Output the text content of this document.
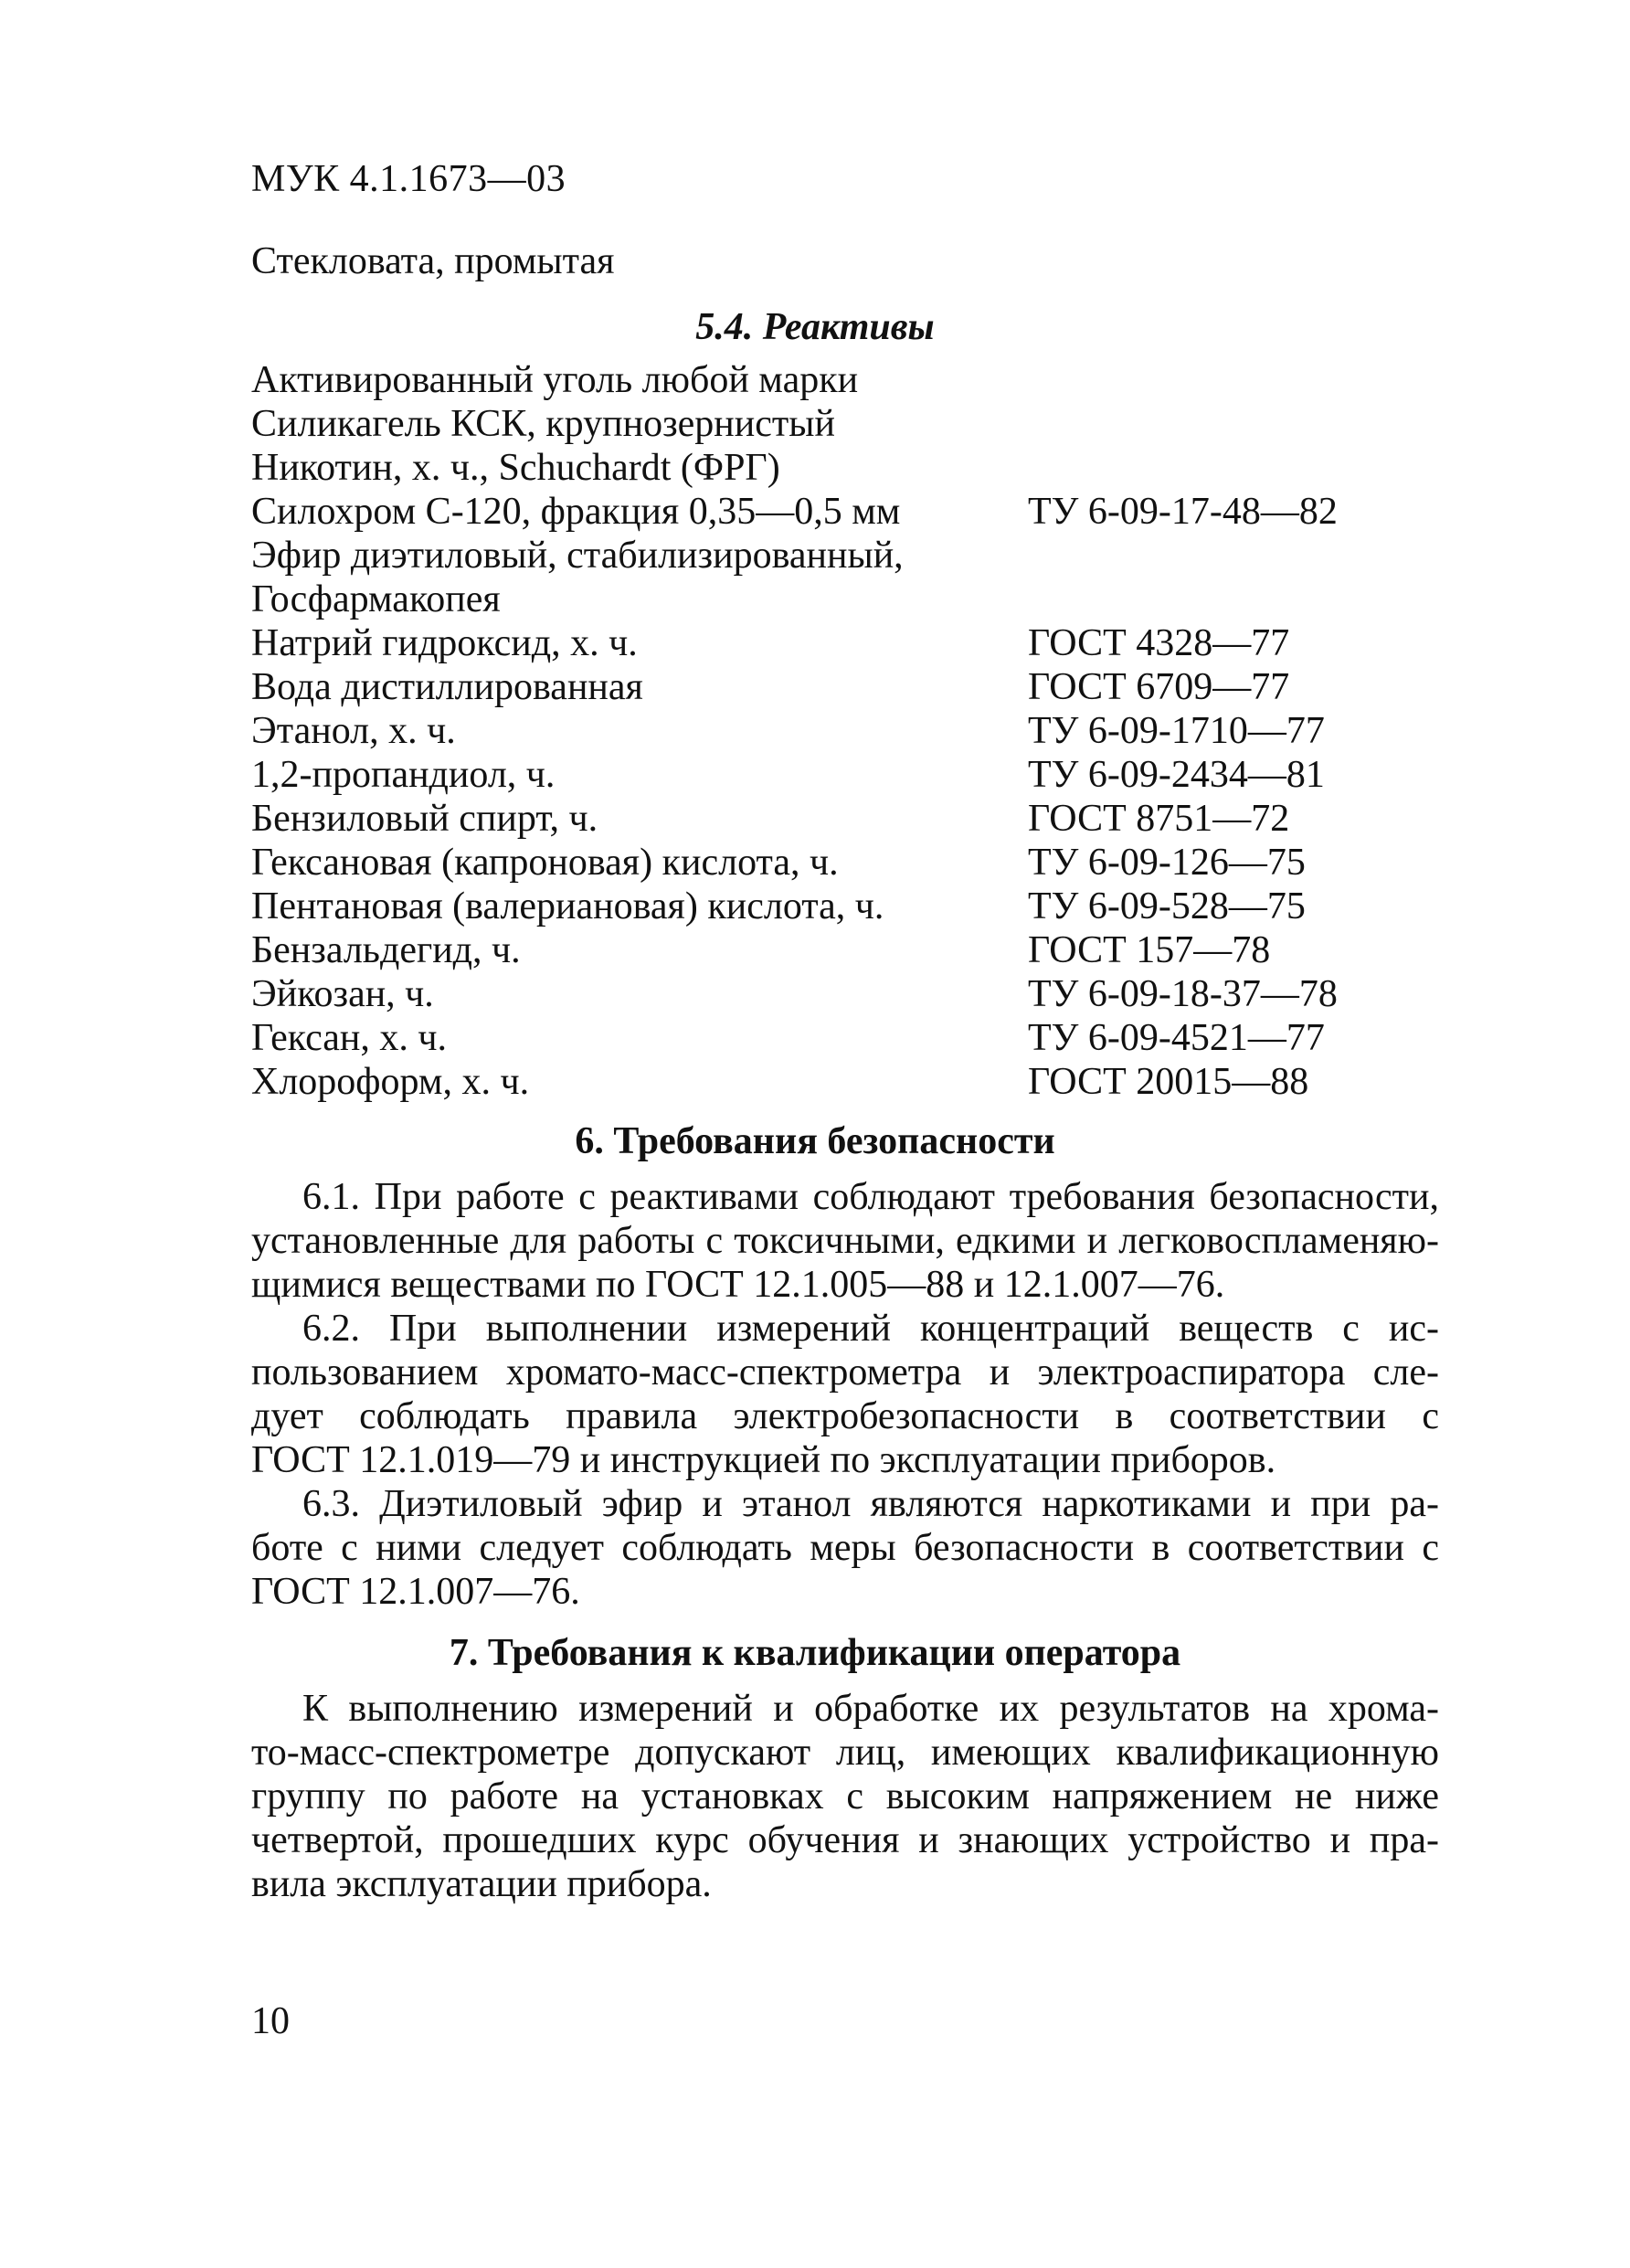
МУК 4.1.1673—03
Стекловата, промытая
5.4. Реактивы
Активированный уголь любой марки
Силикагель КСК, крупнозернистый
Никотин, х. ч., Schuchardt (ФРГ)
Силохром С-120, фракция 0,35—0,5 мм	ТУ 6-09-17-48—82
Эфир диэтиловый, стабилизированный,
Госфармакопея
Натрий гидроксид, х. ч.	ГОСТ 4328—77
Вода дистиллированная	ГОСТ 6709—77
Этанол, х. ч.	ТУ 6-09-1710—77
1,2-пропандиол, ч.	ТУ 6-09-2434—81
Бензиловый спирт, ч.	ГОСТ 8751—72
Гексановая (капроновая) кислота, ч.	ТУ 6-09-126—75
Пентановая (валериановая) кислота, ч.	ТУ 6-09-528—75
Бензальдегид, ч.	ГОСТ 157—78
Эйкозан, ч.	ТУ 6-09-18-37—78
Гексан, х. ч.	ТУ 6-09-4521—77
Хлороформ, х. ч.	ГОСТ 20015—88
6. Требования безопасности
6.1. При работе с реактивами соблюдают требования безопасности,
установленные для работы с токсичными, едкими и легковоспламеняю-
щимися веществами по ГОСТ 12.1.005—88 и 12.1.007—76.
6.2. При выполнении измерений концентраций веществ с ис-
пользованием хромато-масс-спектрометра и электроаспиратора сле-
дует соблюдать правила электробезопасности в соответствии с
ГОСТ 12.1.019—79 и инструкцией по эксплуатации приборов.
6.3. Диэтиловый эфир и этанол являются наркотиками и при ра-
боте с ними следует соблюдать меры безопасности в соответствии с
ГОСТ 12.1.007—76.
7. Требования к квалификации оператора
К выполнению измерений и обработке их результатов на хрома-
то-масс-спектрометре допускают лиц, имеющих квалификационную
группу по работе на установках с высоким напряжением не ниже
четвертой, прошедших курс обучения и знающих устройство и пра-
вила эксплуатации прибора.
10
